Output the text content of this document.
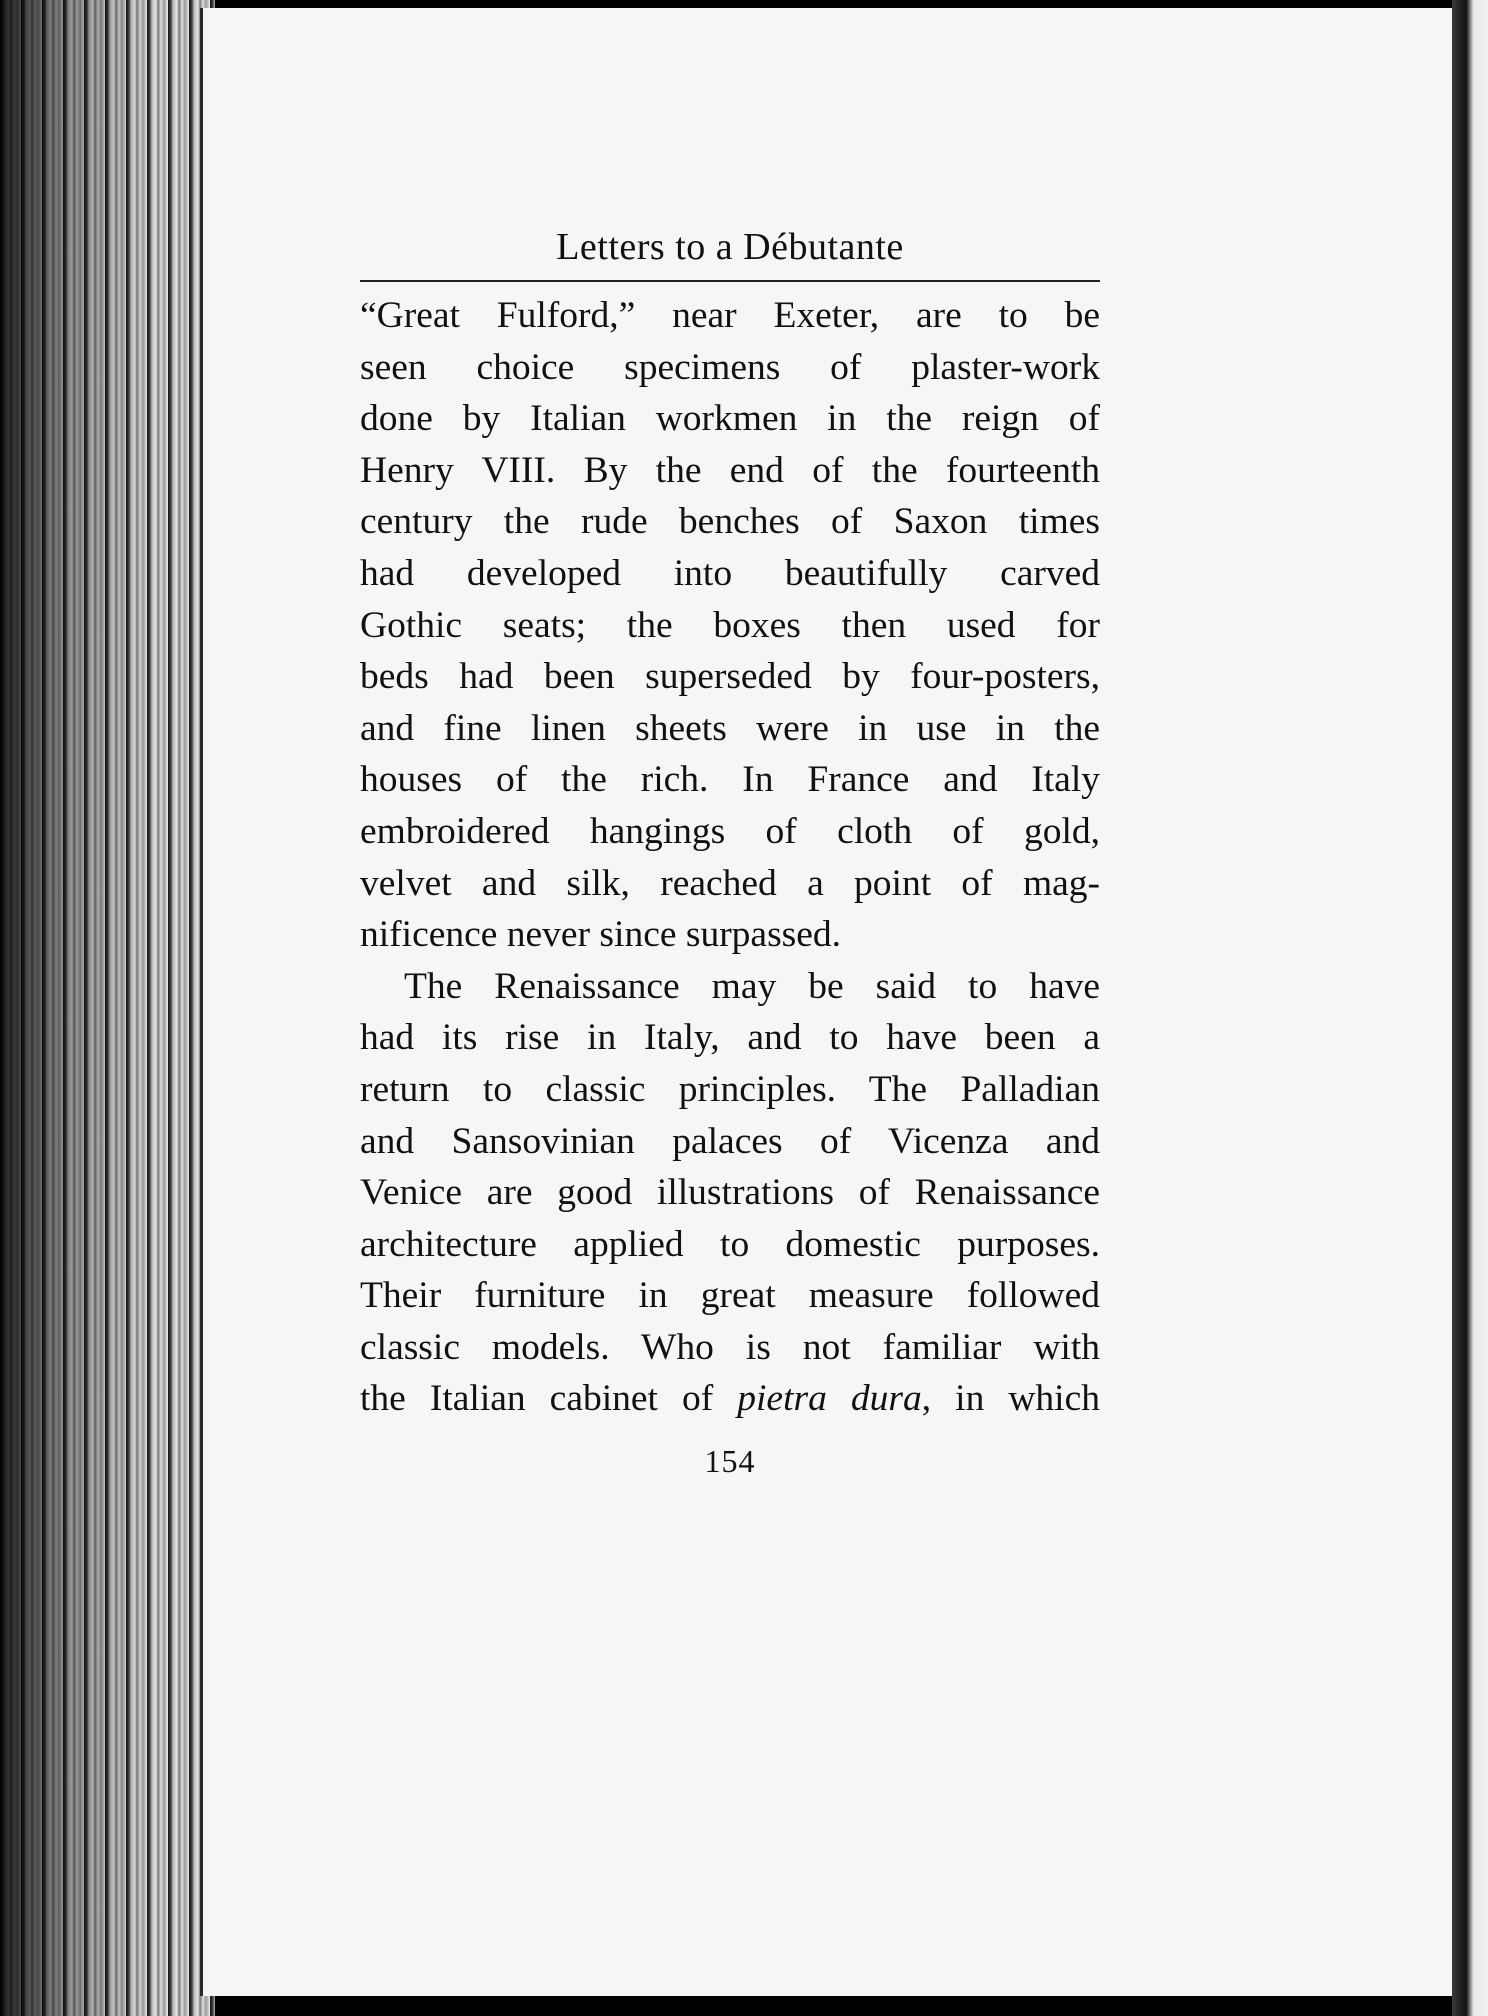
Letters to a Débutante
“Great Fulford,” near Exeter, are to be
seen choice specimens of plaster-work
done by Italian workmen in the reign of
Henry VIII. By the end of the fourteenth
century the rude benches of Saxon times
had developed into beautifully carved
Gothic seats; the boxes then used for
beds had been superseded by four-posters,
and fine linen sheets were in use in the
houses of the rich. In France and Italy
embroidered hangings of cloth of gold,
velvet and silk, reached a point of mag-
nificence never since surpassed.
The Renaissance may be said to have
had its rise in Italy, and to have been a
return to classic principles. The Palladian
and Sansovinian palaces of Vicenza and
Venice are good illustrations of Renaissance
architecture applied to domestic purposes.
Their furniture in great measure followed
classic models. Who is not familiar with
the Italian cabinet of pietra dura, in which
154
